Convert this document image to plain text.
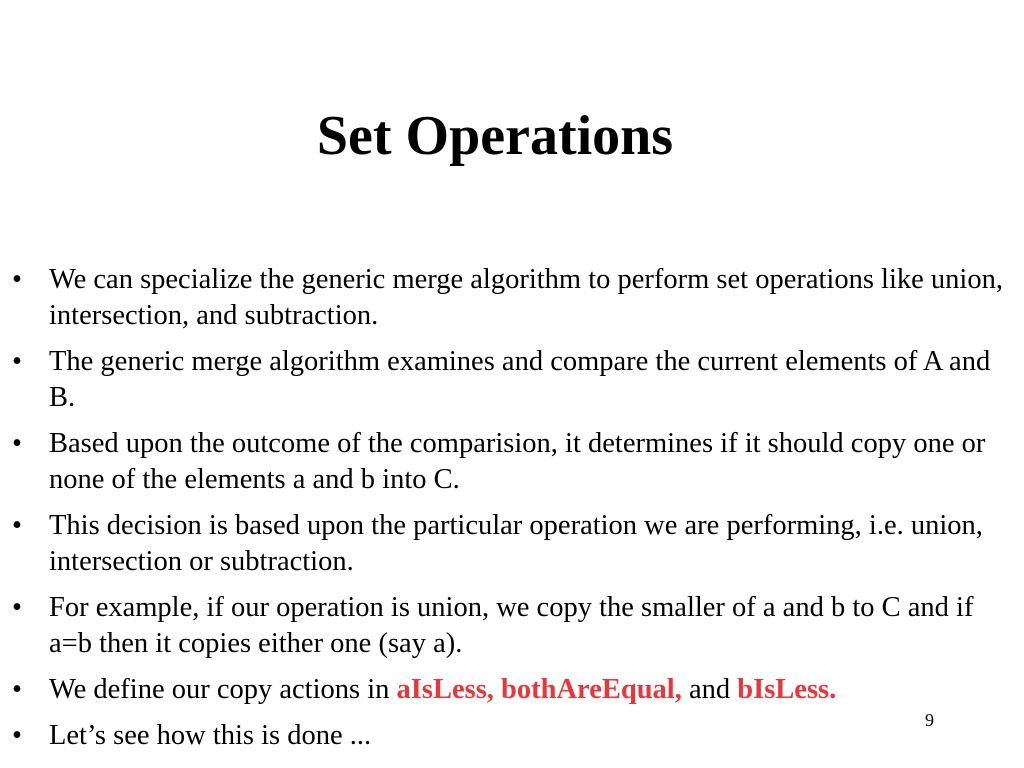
Set Operations
• We can specialize the generic merge algorithm to perform set operations like union, intersection, and subtraction.
• The generic merge algorithm examines and compare the current elements of A and B.
• Based upon the outcome of the comparision, it determines if it should copy one or none of the elements a and b into C.
• This decision is based upon the particular operation we are performing, i.e. union, intersection or subtraction.
• For example, if our operation is union, we copy the smaller of a and b to C and if a=b then it copies either one (say a).
• We define our copy actions in aIsLess, bothAreEqual, and bIsLess.
• Let’s see how this is done ...	9
